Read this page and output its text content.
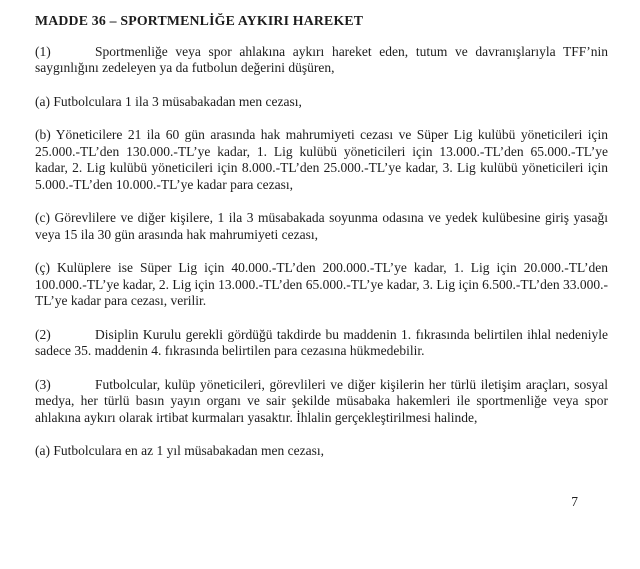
MADDE 36 – SPORTMENLİĞE AYKIRI HAREKET

(1)	Sportmenliğe veya spor ahlakına aykırı hareket eden, tutum ve davranışlarıyla TFF’nin saygınlığını zedeleyen ya da futbolun değerini düşüren,

(a) Futbolculara 1 ila 3 müsabakadan men cezası,

(b) Yöneticilere 21 ila 60 gün arasında hak mahrumiyeti cezası ve Süper Lig kulübü yöneticileri için 25.000.-TL’den 130.000.-TL’ye kadar, 1. Lig kulübü yöneticileri için 13.000.-TL’den 65.000.-TL’ye kadar, 2. Lig kulübü yöneticileri için 8.000.-TL’den 25.000.-TL’ye kadar, 3. Lig kulübü yöneticileri için 5.000.-TL’den 10.000.-TL’ye kadar para cezası,

(c) Görevlilere ve diğer kişilere, 1 ila 3 müsabakada soyunma odasına ve yedek kulübesine giriş yasağı veya 15 ila 30 gün arasında hak mahrumiyeti cezası,

(ç) Kulüplere ise Süper Lig için 40.000.-TL’den 200.000.-TL’ye kadar, 1. Lig için 20.000.-TL’den 100.000.-TL’ye kadar, 2. Lig için 13.000.-TL’den 65.000.-TL’ye kadar, 3. Lig için 6.500.-TL’den 33.000.-TL’ye kadar para cezası, verilir.

(2)	Disiplin Kurulu gerekli gördüğü takdirde bu maddenin 1. fıkrasında belirtilen ihlal nedeniyle sadece 35. maddenin 4. fıkrasında belirtilen para cezasına hükmedebilir.

(3)	Futbolcular, kulüp yöneticileri, görevlileri ve diğer kişilerin her türlü iletişim araçları, sosyal medya, her türlü basın yayın organı ve sair şekilde müsabaka hakemleri ile sportmenliğe veya spor ahlakına aykırı olarak irtibat kurmaları yasaktır. İhlalin gerçekleştirilmesi halinde,

(a) Futbolculara en az 1 yıl müsabakadan men cezası,

7
